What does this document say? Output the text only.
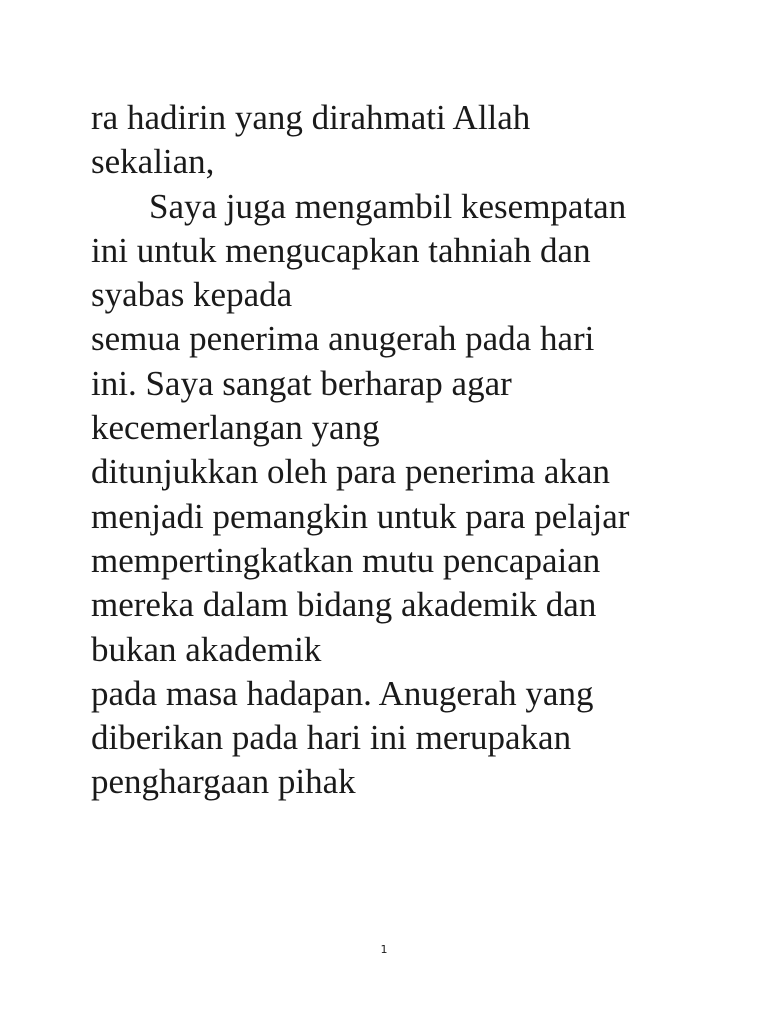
ra hadirin yang dirahmati Allah
sekalian,
Saya juga mengambil kesempatan
ini untuk mengucapkan tahniah dan
syabas kepada
semua penerima anugerah pada hari
ini. Saya sangat berharap agar
kecemerlangan yang
ditunjukkan oleh para penerima akan
menjadi pemangkin untuk para pelajar
mempertingkatkan mutu pencapaian
mereka dalam bidang akademik dan
bukan akademik
pada masa hadapan. Anugerah yang
diberikan pada hari ini merupakan
penghargaan pihak
1
